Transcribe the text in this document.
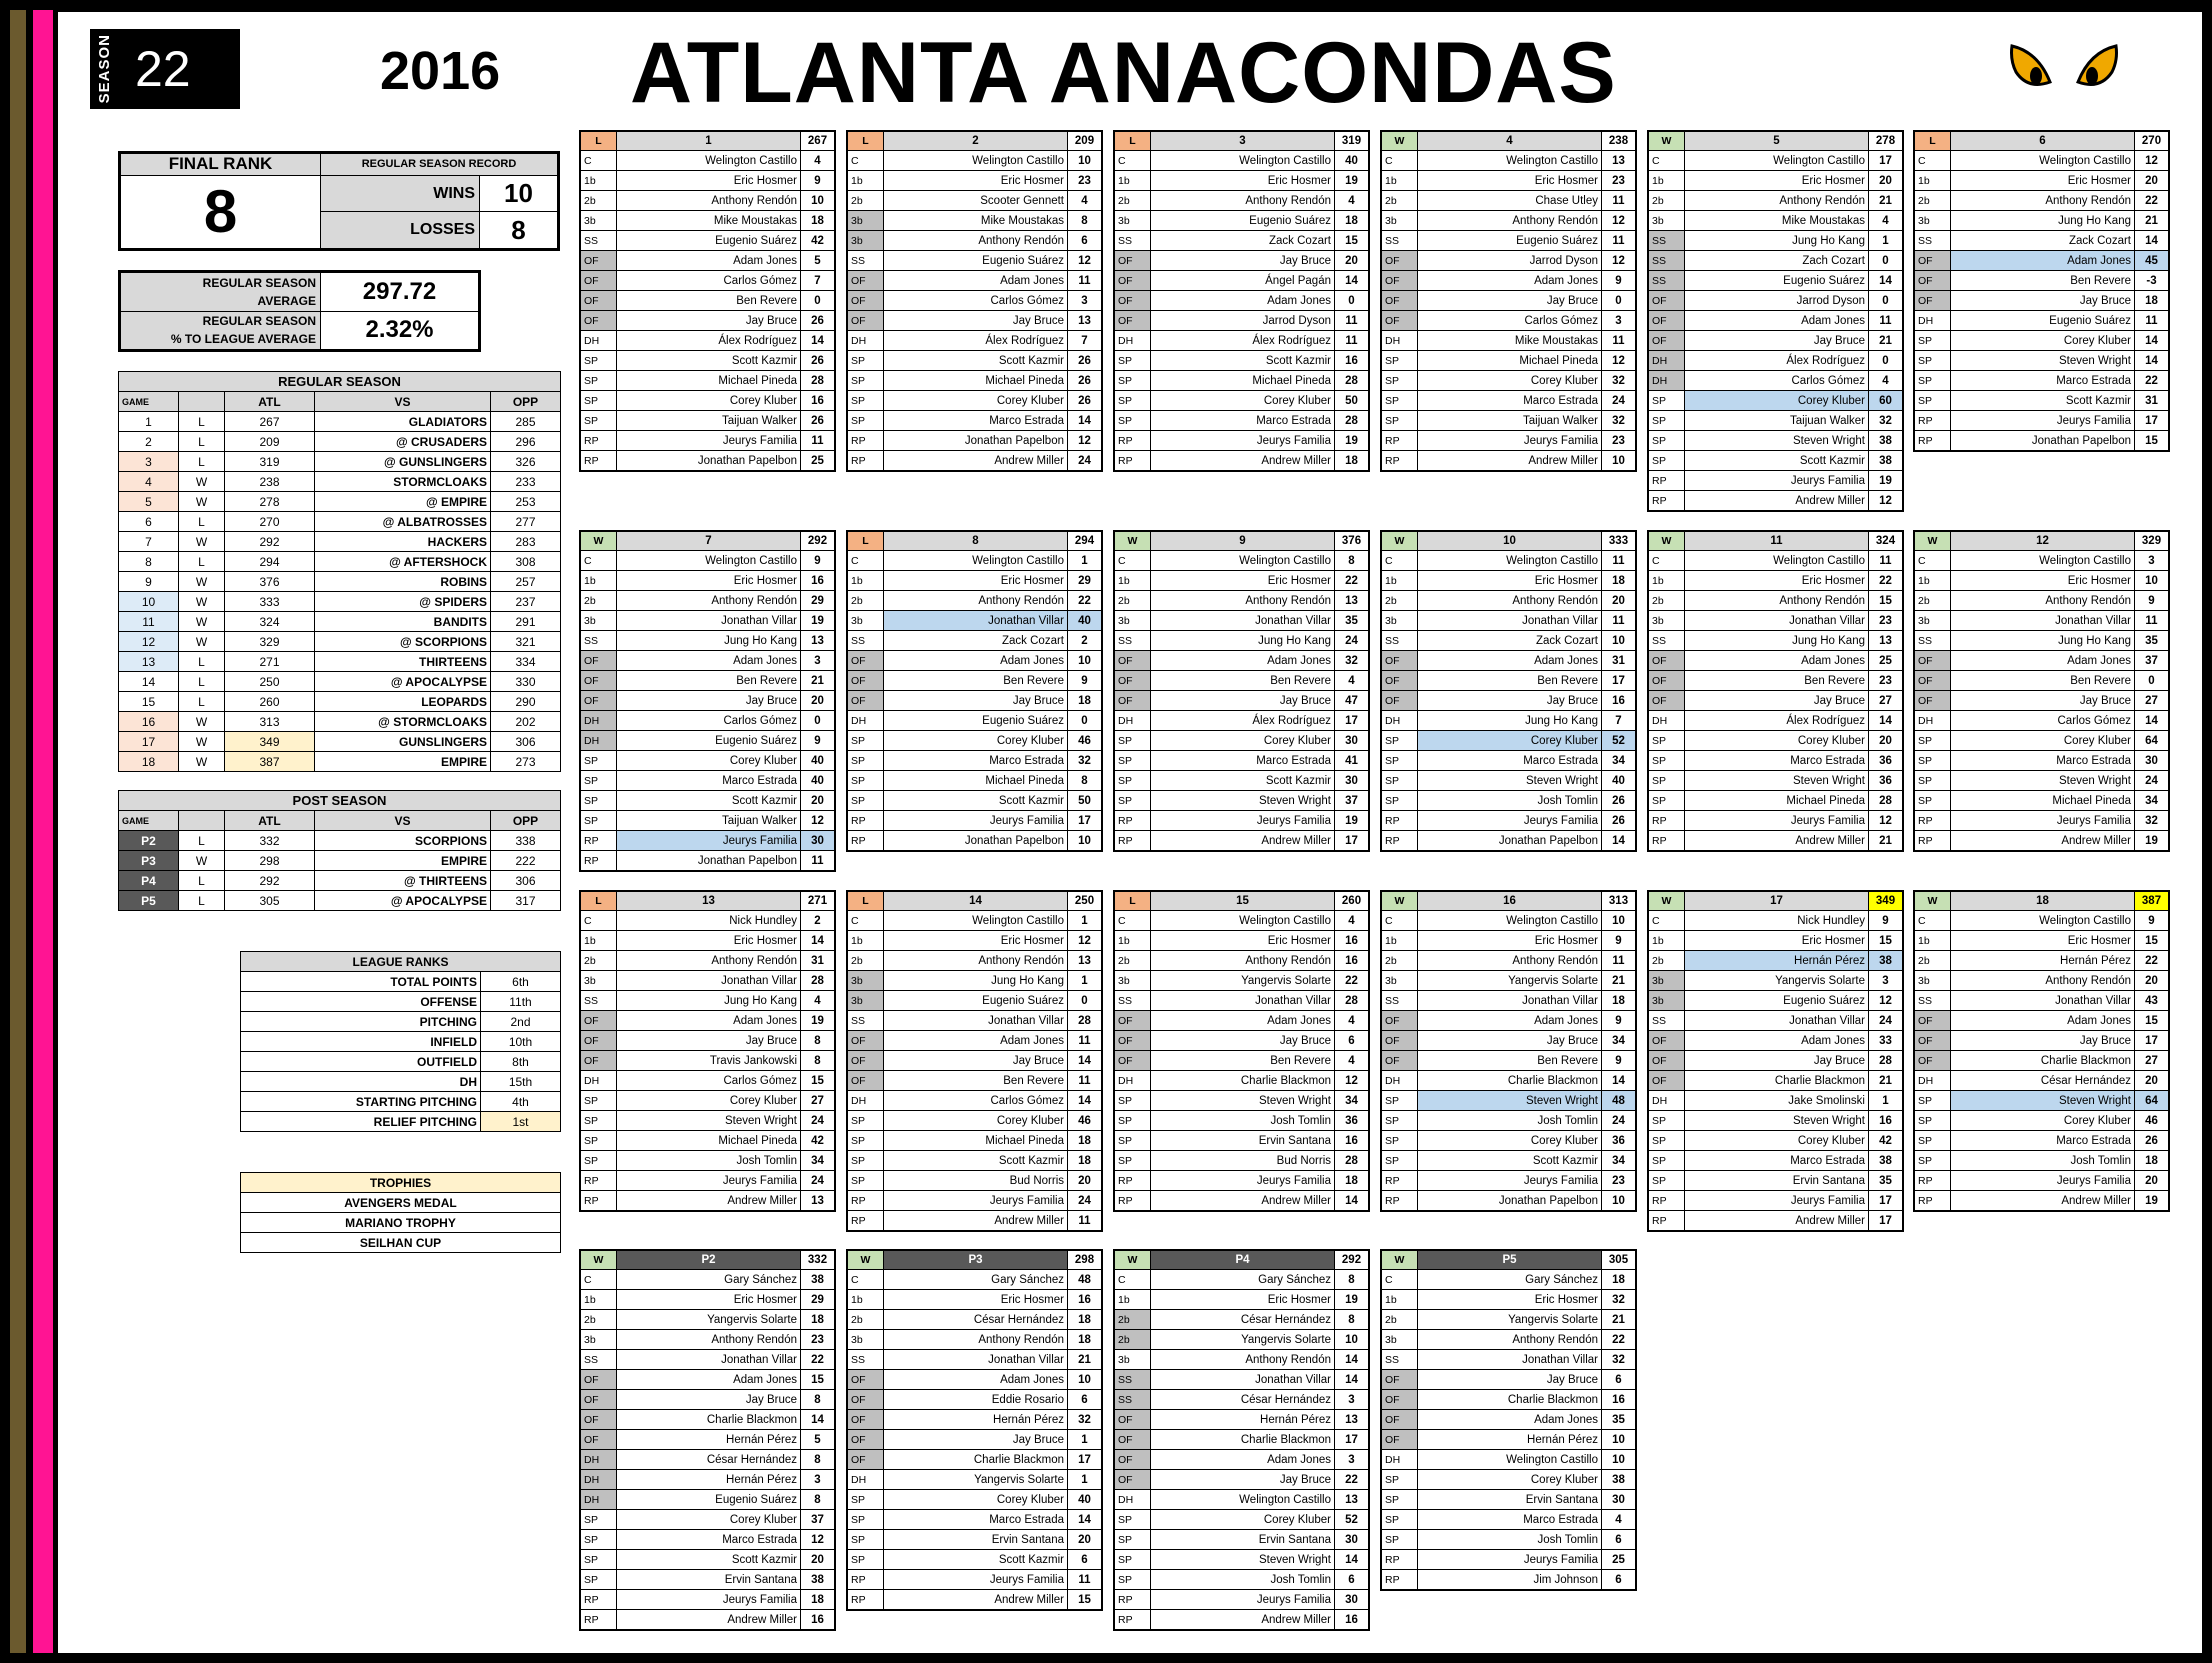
SEASON 22	2016 ATLANTA ANACONDAS
FINAL RANK	REGULAR SEASON RECORD	
8	WINS	10
	LOSSES	8
REGULAR SEASON
AVERAGE	297.72
REGULAR SEASON
% TO LEAGUE AVERAGE	2.32%
REGULAR SEASON				
GAME		ATL	VS	OPP
1	L	267	GLADIATORS	285
2	L	209	@ CRUSADERS	296
3	L	319	@ GUNSLINGERS	326
4	W	238	STORMCLOAKS	233
5	W	278	@ EMPIRE	253
6	L	270	@ ALBATROSSES	277
7	W	292	HACKERS	283
8	L	294	@ AFTERSHOCK	308
9	W	376	ROBINS	257
10	W	333	@ SPIDERS	237
11	W	324	BANDITS	291
12	W	329	@ SCORPIONS	321
13	L	271	THIRTEENS	334
14	L	250	@ APOCALYPSE	330
15	L	260	LEOPARDS	290
16	W	313	@ STORMCLOAKS	202
17	W	349	GUNSLINGERS	306
18	W	387	EMPIRE	273
POST SEASON				
GAME		ATL	VS	OPP
P2	L	332	SCORPIONS	338
P3	W	298	EMPIRE	222
P4	L	292	@ THIRTEENS	306
P5	L	305	@ APOCALYPSE	317
LEAGUE RANKS	
TOTAL POINTS	6th
OFFENSE	11th
PITCHING	2nd
INFIELD	10th
OUTFIELD	8th
DH	15th
STARTING PITCHING	4th
RELIEF PITCHING	1st
TROPHIES
AVENGERS MEDAL
MARIANO TROPHY
SEILHAN CUP
L	1	267
C	Welington Castillo	4
1b	Eric Hosmer	9
2b	Anthony Rendón	10
3b	Mike Moustakas	18
SS	Eugenio Suárez	42
OF	Adam Jones	5
OF	Carlos Gómez	7
OF	Ben Revere	0
OF	Jay Bruce	26
DH	Álex Rodríguez	14
SP	Scott Kazmir	26
SP	Michael Pineda	28
SP	Corey Kluber	16
SP	Taijuan Walker	26
RP	Jeurys Familia	11
RP	Jonathan Papelbon	25
L	2	209
C	Welington Castillo	10
1b	Eric Hosmer	23
2b	Scooter Gennett	4
3b	Mike Moustakas	8
3b	Anthony Rendón	6
SS	Eugenio Suárez	12
OF	Adam Jones	11
OF	Carlos Gómez	3
OF	Jay Bruce	13
DH	Álex Rodríguez	7
SP	Scott Kazmir	26
SP	Michael Pineda	26
SP	Corey Kluber	26
SP	Marco Estrada	14
RP	Jonathan Papelbon	12
RP	Andrew Miller	24
L	3	319
C	Welington Castillo	40
1b	Eric Hosmer	19
2b	Anthony Rendón	4
3b	Eugenio Suárez	18
SS	Zack Cozart	15
OF	Jay Bruce	20
OF	Ángel Pagán	14
OF	Adam Jones	0
OF	Jarrod Dyson	11
DH	Álex Rodríguez	11
SP	Scott Kazmir	16
SP	Michael Pineda	28
SP	Corey Kluber	50
SP	Marco Estrada	28
RP	Jeurys Familia	19
RP	Andrew Miller	18
W	4	238
C	Welington Castillo	13
1b	Eric Hosmer	23
2b	Chase Utley	11
3b	Anthony Rendón	12
SS	Eugenio Suárez	11
OF	Jarrod Dyson	12
OF	Adam Jones	9
OF	Jay Bruce	0
OF	Carlos Gómez	3
DH	Mike Moustakas	11
SP	Michael Pineda	12
SP	Corey Kluber	32
SP	Marco Estrada	24
SP	Taijuan Walker	32
RP	Jeurys Familia	23
RP	Andrew Miller	10
W	5	278
C	Welington Castillo	17
1b	Eric Hosmer	20
2b	Anthony Rendón	21
3b	Mike Moustakas	4
SS	Jung Ho Kang	1
SS	Zach Cozart	0
SS	Eugenio Suárez	14
OF	Jarrod Dyson	0
OF	Adam Jones	11
OF	Jay Bruce	21
DH	Álex Rodríguez	0
DH	Carlos Gómez	4
SP	Corey Kluber	60
SP	Taijuan Walker	32
SP	Steven Wright	38
SP	Scott Kazmir	38
RP	Jeurys Familia	19
RP	Andrew Miller	12
L	6	270
C	Welington Castillo	12
1b	Eric Hosmer	20
2b	Anthony Rendón	22
3b	Jung Ho Kang	21
SS	Zack Cozart	14
OF	Adam Jones	45
OF	Ben Revere	-3
OF	Jay Bruce	18
DH	Eugenio Suárez	11
SP	Corey Kluber	14
SP	Steven Wright	14
SP	Marco Estrada	22
SP	Scott Kazmir	31
RP	Jeurys Familia	17
RP	Jonathan Papelbon	15
W	7	292
C	Welington Castillo	9
1b	Eric Hosmer	16
2b	Anthony Rendón	29
3b	Jonathan Villar	19
SS	Jung Ho Kang	13
OF	Adam Jones	3
OF	Ben Revere	21
OF	Jay Bruce	20
DH	Carlos Gómez	0
DH	Eugenio Suárez	9
SP	Corey Kluber	40
SP	Marco Estrada	40
SP	Scott Kazmir	20
SP	Taijuan Walker	12
RP	Jeurys Familia	30
RP	Jonathan Papelbon	11
L	8	294
C	Welington Castillo	1
1b	Eric Hosmer	29
2b	Anthony Rendón	22
3b	Jonathan Villar	40
SS	Zack Cozart	2
OF	Adam Jones	10
OF	Ben Revere	9
OF	Jay Bruce	18
DH	Eugenio Suárez	0
SP	Corey Kluber	46
SP	Marco Estrada	32
SP	Michael Pineda	8
SP	Scott Kazmir	50
RP	Jeurys Familia	17
RP	Jonathan Papelbon	10
W	9	376
C	Welington Castillo	8
1b	Eric Hosmer	22
2b	Anthony Rendón	13
3b	Jonathan Villar	35
SS	Jung Ho Kang	24
OF	Adam Jones	32
OF	Ben Revere	4
OF	Jay Bruce	47
DH	Álex Rodríguez	17
SP	Corey Kluber	30
SP	Marco Estrada	41
SP	Scott Kazmir	30
SP	Steven Wright	37
RP	Jeurys Familia	19
RP	Andrew Miller	17
W	10	333
C	Welington Castillo	11
1b	Eric Hosmer	18
2b	Anthony Rendón	20
3b	Jonathan Villar	11
SS	Zack Cozart	10
OF	Adam Jones	31
OF	Ben Revere	17
OF	Jay Bruce	16
DH	Jung Ho Kang	7
SP	Corey Kluber	52
SP	Marco Estrada	34
SP	Steven Wright	40
SP	Josh Tomlin	26
RP	Jeurys Familia	26
RP	Jonathan Papelbon	14
W	11	324
C	Welington Castillo	11
1b	Eric Hosmer	22
2b	Anthony Rendón	15
3b	Jonathan Villar	23
SS	Jung Ho Kang	13
OF	Adam Jones	25
OF	Ben Revere	23
OF	Jay Bruce	27
DH	Álex Rodríguez	14
SP	Corey Kluber	20
SP	Marco Estrada	36
SP	Steven Wright	36
SP	Michael Pineda	28
RP	Jeurys Familia	12
RP	Andrew Miller	21
W	12	329
C	Welington Castillo	3
1b	Eric Hosmer	10
2b	Anthony Rendón	9
3b	Jonathan Villar	11
SS	Jung Ho Kang	35
OF	Adam Jones	37
OF	Ben Revere	0
OF	Jay Bruce	27
DH	Carlos Gómez	14
SP	Corey Kluber	64
SP	Marco Estrada	30
SP	Steven Wright	24
SP	Michael Pineda	34
RP	Jeurys Familia	32
RP	Andrew Miller	19
L	13	271
C	Nick Hundley	2
1b	Eric Hosmer	14
2b	Anthony Rendón	31
3b	Jonathan Villar	28
SS	Jung Ho Kang	4
OF	Adam Jones	19
OF	Jay Bruce	8
OF	Travis Jankowski	8
DH	Carlos Gómez	15
SP	Corey Kluber	27
SP	Steven Wright	24
SP	Michael Pineda	42
SP	Josh Tomlin	34
RP	Jeurys Familia	24
RP	Andrew Miller	13
L	14	250
C	Welington Castillo	1
1b	Eric Hosmer	12
2b	Anthony Rendón	13
3b	Jung Ho Kang	1
3b	Eugenio Suárez	0
SS	Jonathan Villar	28
OF	Adam Jones	11
OF	Jay Bruce	14
OF	Ben Revere	11
DH	Carlos Gómez	14
SP	Corey Kluber	46
SP	Michael Pineda	18
SP	Scott Kazmir	18
SP	Bud Norris	20
RP	Jeurys Familia	24
RP	Andrew Miller	11
L	15	260
C	Welington Castillo	4
1b	Eric Hosmer	16
2b	Anthony Rendón	16
3b	Yangervis Solarte	22
SS	Jonathan Villar	28
OF	Adam Jones	4
OF	Jay Bruce	6
OF	Ben Revere	4
DH	Charlie Blackmon	12
SP	Steven Wright	34
SP	Josh Tomlin	36
SP	Ervin Santana	16
SP	Bud Norris	28
RP	Jeurys Familia	18
RP	Andrew Miller	14
W	16	313
C	Welington Castillo	10
1b	Eric Hosmer	9
2b	Anthony Rendón	11
3b	Yangervis Solarte	21
SS	Jonathan Villar	18
OF	Adam Jones	9
OF	Jay Bruce	34
OF	Ben Revere	9
DH	Charlie Blackmon	14
SP	Steven Wright	48
SP	Josh Tomlin	24
SP	Corey Kluber	36
SP	Scott Kazmir	34
RP	Jeurys Familia	23
RP	Jonathan Papelbon	10
W	17	349
C	Nick Hundley	9
1b	Eric Hosmer	15
2b	Hernán Pérez	38
3b	Yangervis Solarte	3
3b	Eugenio Suárez	12
SS	Jonathan Villar	24
OF	Adam Jones	33
OF	Jay Bruce	28
OF	Charlie Blackmon	21
DH	Jake Smolinski	1
SP	Steven Wright	16
SP	Corey Kluber	42
SP	Marco Estrada	38
SP	Ervin Santana	35
RP	Jeurys Familia	17
RP	Andrew Miller	17
W	18	387
C	Welington Castillo	9
1b	Eric Hosmer	15
2b	Hernán Pérez	22
3b	Anthony Rendón	20
SS	Jonathan Villar	43
OF	Adam Jones	15
OF	Jay Bruce	17
OF	Charlie Blackmon	27
DH	César Hernández	20
SP	Steven Wright	64
SP	Corey Kluber	46
SP	Marco Estrada	26
SP	Josh Tomlin	18
RP	Jeurys Familia	20
RP	Andrew Miller	19
W	P2	332
C	Gary Sánchez	38
1b	Eric Hosmer	29
2b	Yangervis Solarte	18
3b	Anthony Rendón	23
SS	Jonathan Villar	22
OF	Adam Jones	15
OF	Jay Bruce	8
OF	Charlie Blackmon	14
OF	Hernán Pérez	5
DH	César Hernández	8
DH	Hernán Pérez	3
DH	Eugenio Suárez	8
SP	Corey Kluber	37
SP	Marco Estrada	12
SP	Scott Kazmir	20
SP	Ervin Santana	38
RP	Jeurys Familia	18
RP	Andrew Miller	16
W	P3	298
C	Gary Sánchez	48
1b	Eric Hosmer	16
2b	César Hernández	18
3b	Anthony Rendón	18
SS	Jonathan Villar	21
OF	Adam Jones	10
OF	Eddie Rosario	6
OF	Hernán Pérez	32
OF	Jay Bruce	1
OF	Charlie Blackmon	17
DH	Yangervis Solarte	1
SP	Corey Kluber	40
SP	Marco Estrada	14
SP	Ervin Santana	20
SP	Scott Kazmir	6
RP	Jeurys Familia	11
RP	Andrew Miller	15
W	P4	292
C	Gary Sánchez	8
1b	Eric Hosmer	19
2b	César Hernández	8
2b	Yangervis Solarte	10
3b	Anthony Rendón	14
SS	Jonathan Villar	14
SS	César Hernández	3
OF	Hernán Pérez	13
OF	Charlie Blackmon	17
OF	Adam Jones	3
OF	Jay Bruce	22
DH	Welington Castillo	13
SP	Corey Kluber	52
SP	Ervin Santana	30
SP	Steven Wright	14
SP	Josh Tomlin	6
RP	Jeurys Familia	30
RP	Andrew Miller	16
W	P5	305
C	Gary Sánchez	18
1b	Eric Hosmer	32
2b	Yangervis Solarte	21
3b	Anthony Rendón	22
SS	Jonathan Villar	32
OF	Jay Bruce	6
OF	Charlie Blackmon	16
OF	Adam Jones	35
OF	Hernán Pérez	10
DH	Welington Castillo	10
SP	Corey Kluber	38
SP	Ervin Santana	30
SP	Marco Estrada	4
SP	Josh Tomlin	6
RP	Jeurys Familia	25
RP	Jim Johnson	6
